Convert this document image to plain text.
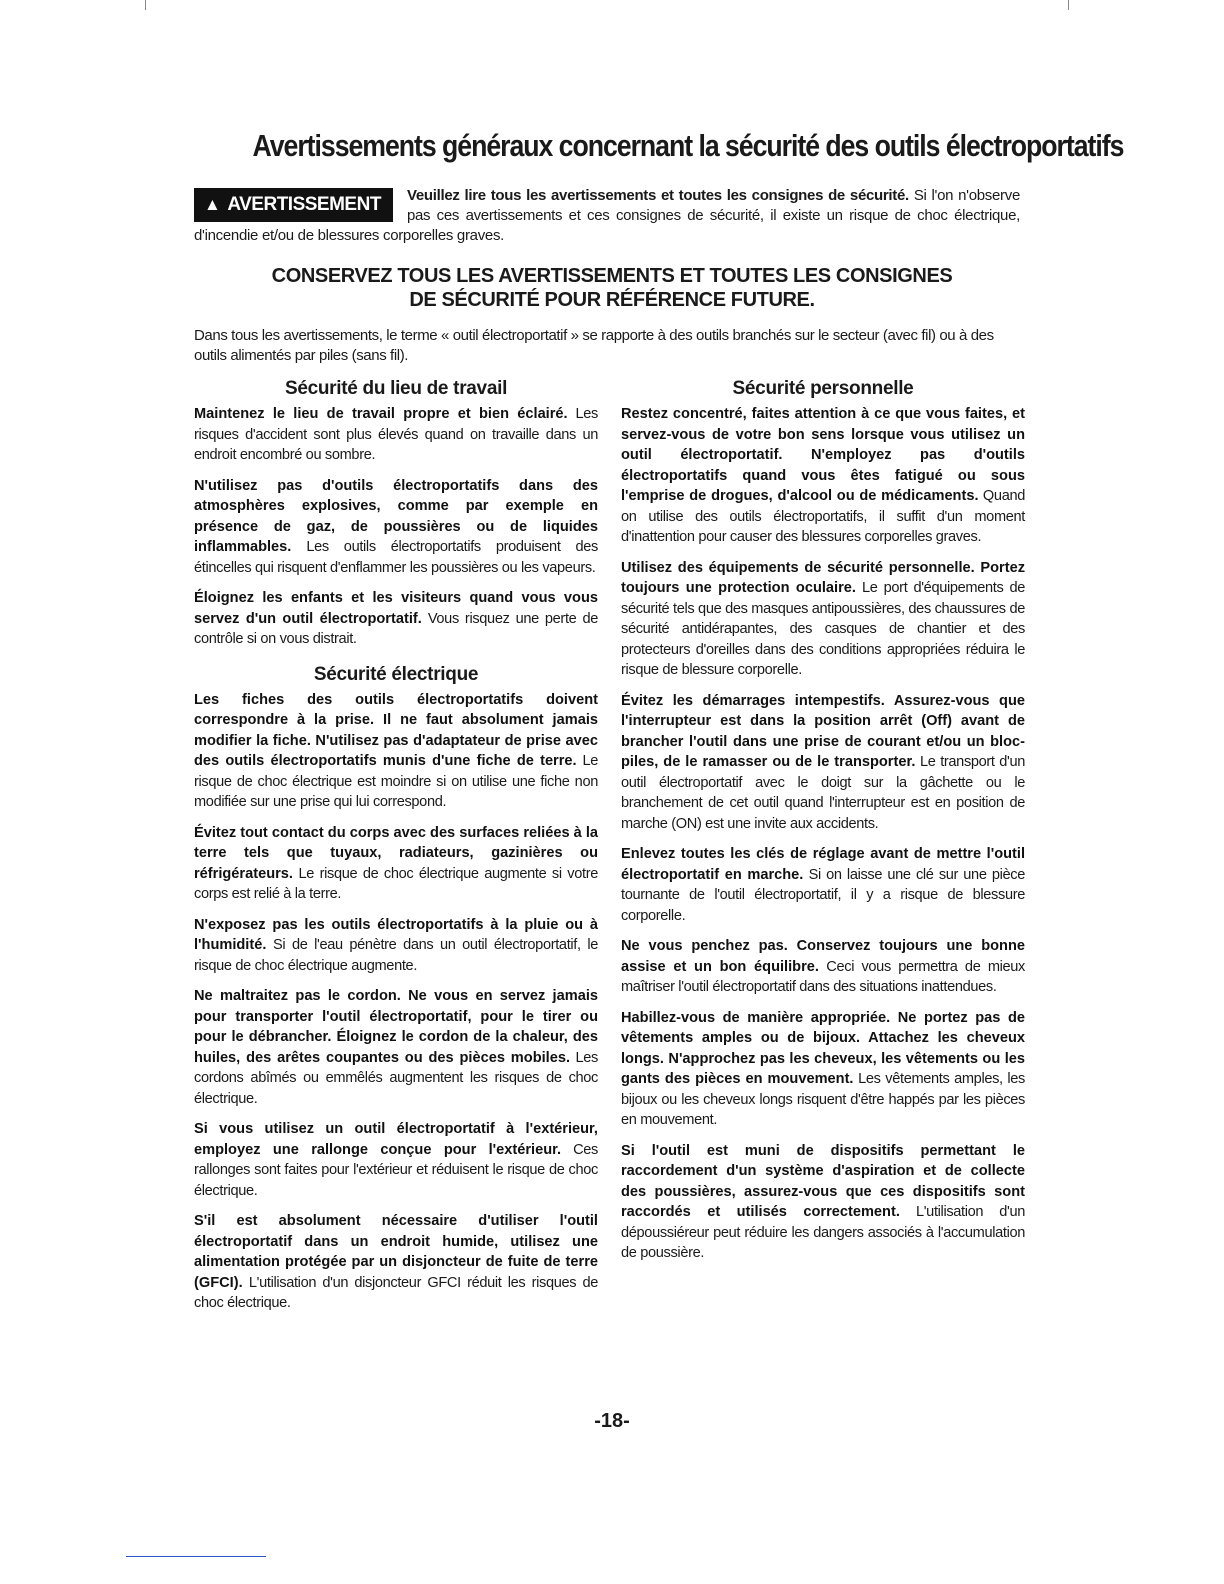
Avertissements généraux concernant la sécurité des outils électroportatifs
▲ AVERTISSEMENT	Veuillez lire tous les avertissements et toutes les consignes de sécurité. Si l'on n'observe pas ces avertissements et ces consignes de sécurité, il existe un risque de choc électrique, d'incendie et/ou de blessures corporelles graves.

CONSERVEZ TOUS LES AVERTISSEMENTS ET TOUTES LES CONSIGNES
DE SÉCURITÉ POUR RÉFÉRENCE FUTURE.
Dans tous les avertissements, le terme « outil électroportatif » se rapporte à des outils branchés sur le secteur (avec fil) ou à des outils alimentés par piles (sans fil).
Sécurité du lieu de travail

Maintenez le lieu de travail propre et bien éclairé. Les risques d'accident sont plus élevés quand on travaille dans un endroit encombré ou sombre.

N'utilisez pas d'outils électroportatifs dans des atmosphères explosives, comme par exemple en présence de gaz, de poussières ou de liquides inflammables. Les outils électroportatifs produisent des étincelles qui risquent d'enflammer les poussières ou les vapeurs.

Éloignez les enfants et les visiteurs quand vous vous servez d'un outil électroportatif. Vous risquez une perte de contrôle si on vous distrait.

Sécurité électrique

Les fiches des outils électroportatifs doivent correspondre à la prise. Il ne faut absolument jamais modifier la fiche. N'utilisez pas d'adaptateur de prise avec des outils électroportatifs munis d'une fiche de terre. Le risque de choc électrique est moindre si on utilise une fiche non modifiée sur une prise qui lui correspond.

Évitez tout contact du corps avec des surfaces reliées à la terre tels que tuyaux, radiateurs, gazinières ou réfrigérateurs. Le risque de choc électrique augmente si votre corps est relié à la terre.

N'exposez pas les outils électroportatifs à la pluie ou à l'humidité. Si de l'eau pénètre dans un outil électroportatif, le risque de choc électrique augmente.

Ne maltraitez pas le cordon. Ne vous en servez jamais pour transporter l'outil électroportatif, pour le tirer ou pour le débrancher. Éloignez le cordon de la chaleur, des huiles, des arêtes coupantes ou des pièces mobiles. Les cordons abîmés ou emmêlés augmentent les risques de choc électrique.

Si vous utilisez un outil électroportatif à l'extérieur, employez une rallonge conçue pour l'extérieur. Ces rallonges sont faites pour l'extérieur et réduisent le risque de choc électrique.

S'il est absolument nécessaire d'utiliser l'outil électroportatif dans un endroit humide, utilisez une alimentation protégée par un disjoncteur de fuite de terre (GFCI). L'utilisation d'un disjoncteur GFCI réduit les risques de choc électrique.

Sécurité personnelle

Restez concentré, faites attention à ce que vous faites, et servez-vous de votre bon sens lorsque vous utilisez un outil électroportatif. N'employez pas d'outils électroportatifs quand vous êtes fatigué ou sous l'emprise de drogues, d'alcool ou de médicaments. Quand on utilise des outils électroportatifs, il suffit d'un moment d'inattention pour causer des blessures corporelles graves.

Utilisez des équipements de sécurité personnelle. Portez toujours une protection oculaire. Le port d'équipements de sécurité tels que des masques antipoussières, des chaussures de sécurité antidérapantes, des casques de chantier et des protecteurs d'oreilles dans des conditions appropriées réduira le risque de blessure corporelle.

Évitez les démarrages intempestifs. Assurez-vous que l'interrupteur est dans la position arrêt (Off) avant de brancher l'outil dans une prise de courant et/ou un bloc-piles, de le ramasser ou de le transporter. Le transport d'un outil électroportatif avec le doigt sur la gâchette ou le branchement de cet outil quand l'interrupteur est en position de marche (ON) est une invite aux accidents.

Enlevez toutes les clés de réglage avant de mettre l'outil électroportatif en marche. Si on laisse une clé sur une pièce tournante de l'outil électroportatif, il y a risque de blessure corporelle.

Ne vous penchez pas. Conservez toujours une bonne assise et un bon équilibre. Ceci vous permettra de mieux maîtriser l'outil électroportatif dans des situations inattendues.

Habillez-vous de manière appropriée. Ne portez pas de vêtements amples ou de bijoux. Attachez les cheveux longs. N'approchez pas les cheveux, les vêtements ou les gants des pièces en mouvement. Les vêtements amples, les bijoux ou les cheveux longs risquent d'être happés par les pièces en mouvement.

Si l'outil est muni de dispositifs permettant le raccordement d'un système d'aspiration et de collecte des poussières, assurez-vous que ces dispositifs sont raccordés et utilisés correctement. L'utilisation d'un dépoussiéreur peut réduire les dangers associés à l'accumulation de poussière.

-18-
